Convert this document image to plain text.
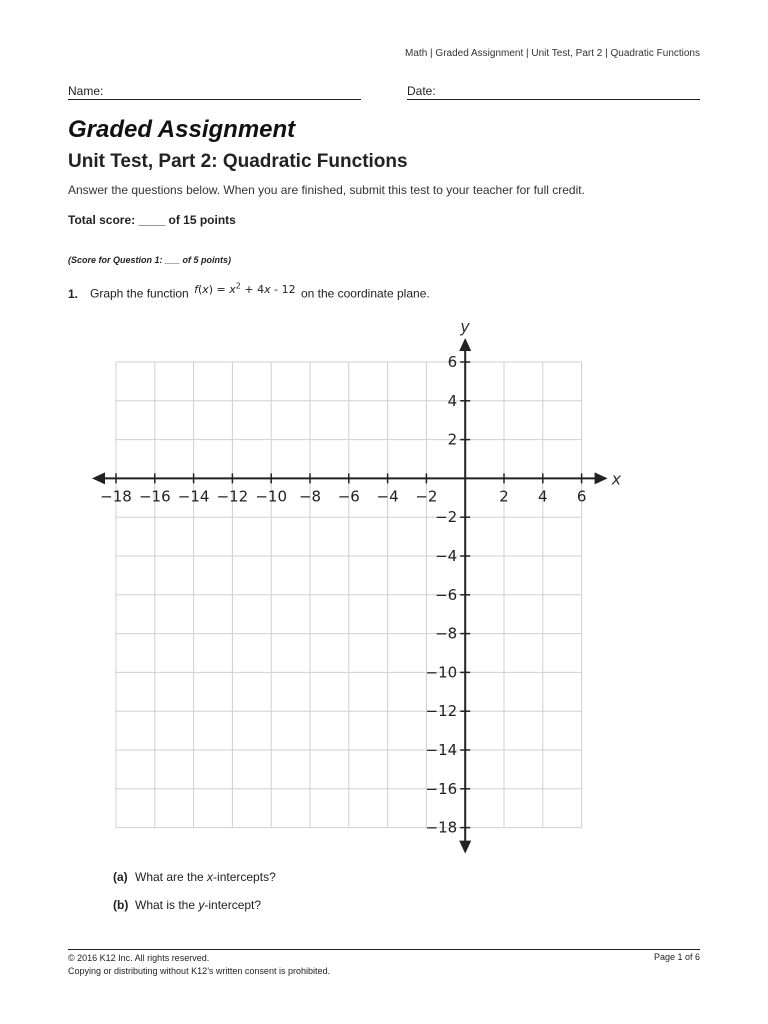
Math | Graded Assignment | Unit Test, Part 2 | Quadratic Functions
Name:	Date:
Graded Assignment
Unit Test, Part 2: Quadratic Functions
Answer the questions below. When you are finished, submit this test to your teacher for full credit.
Total score: ____ of 15 points
(Score for Question 1: ___ of 5 points)
1. Graph the function $f(x) = x^2 + 4x - 12$ on the coordinate plane.
−18 −16 −14 −12 −10 −8 −6 −4 −2	2 4 6
6
4
2
−2
−4
−6
−8
−10
−12
−14
−16
−18
x
y
(a) What are the x-intercepts?
(b) What is the y-intercept?
© 2016 K12 Inc. All rights reserved.
Copying or distributing without K12’s written consent is prohibited.
Page 1 of 6
